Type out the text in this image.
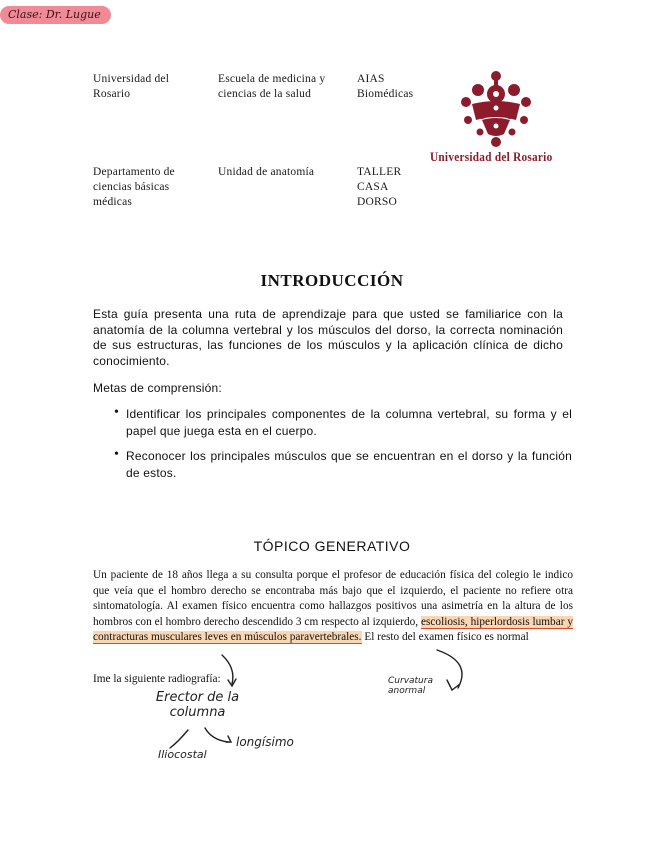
Clase: Dr. Lugue
Universidad del Rosario
Escuela de medicina y ciencias de la salud
AIAS Biomédicas
Departamento de ciencias básicas médicas
Unidad de anatomía	TALLER CASA DORSO
Universidad del Rosario
INTRODUCCIÓN
Esta guía presenta una ruta de aprendizaje para que usted se familiarice con la anatomía de la columna vertebral y los músculos del dorso, la correcta nominación de sus estructuras, las funciones de los músculos y la aplicación clínica de dicho conocimiento.
Metas de comprensión:
• Identificar los principales componentes de la columna vertebral, su forma y el papel que juega esta en el cuerpo.
• Reconocer los principales músculos que se encuentran en el dorso y la función de estos.
TÓPICO GENERATIVO
Un paciente de 18 años llega a su consulta porque el profesor de educación física del colegio le indico que veía que el hombro derecho se encontraba más bajo que el izquierdo, el paciente no refiere otra sintomatología. Al examen físico encuentra como hallazgos positivos una asimetría en la altura de los hombros con el hombro derecho descendido 3 cm respecto al izquierdo, escoliosis, hiperlordosis lumbar y contracturas musculares leves en músculos paravertebrales. El resto del examen físico es normal
Ime la siguiente radiografía:
Erector de la columna
Iliocostal
longísimo
Curvatura anormal
